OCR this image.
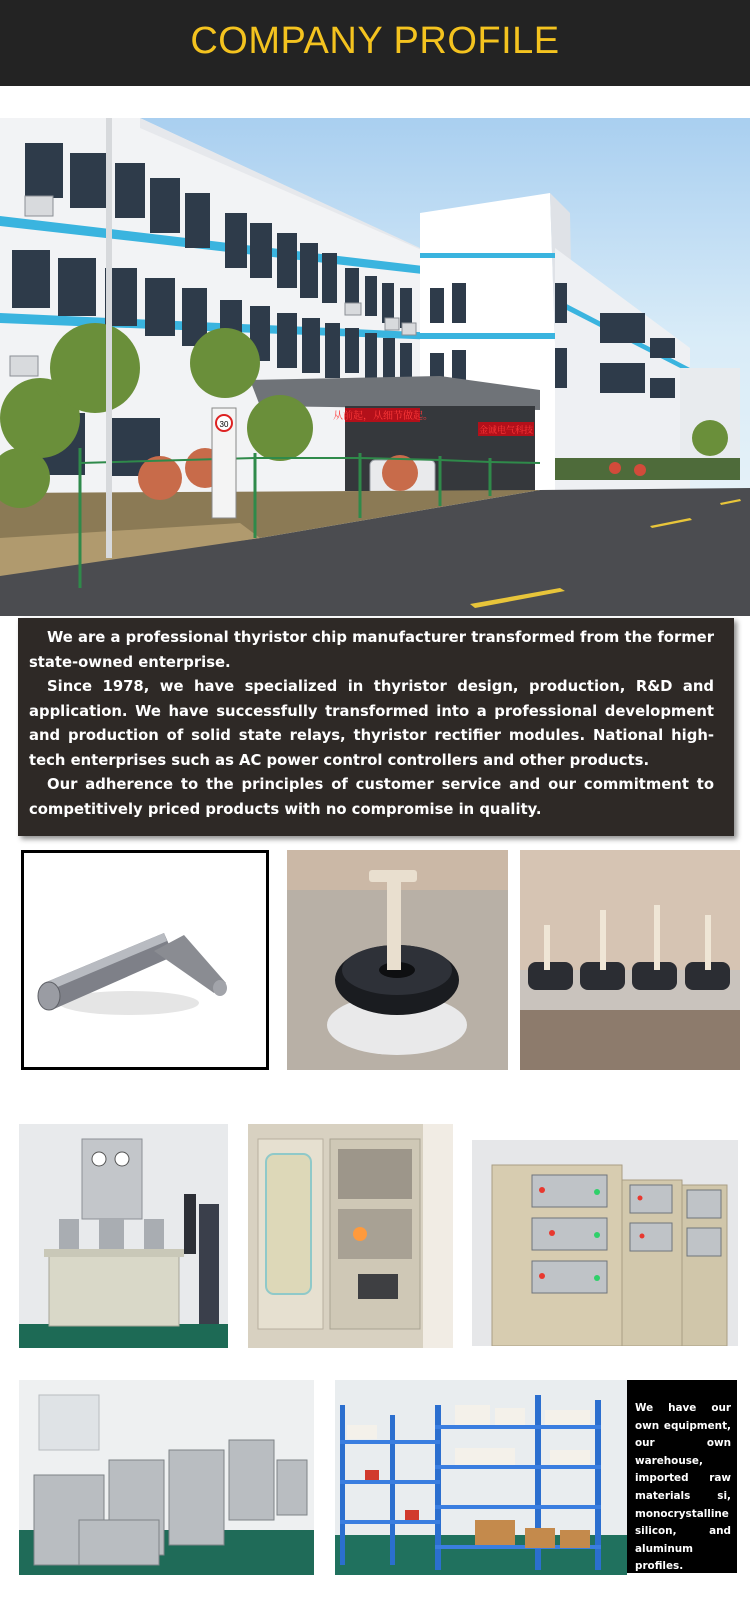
COMPANY PROFILE
从前起，从细节做起。
金诚电气科技
30

We are a professional thyristor chip manufacturer transformed from the former state-owned enterprise.

Since 1978, we have specialized in thyristor design, production, R&D and application. We have successfully transformed into a professional development and production of solid state relays, thyristor rectifier modules. National high-tech enterprises such as AC power control controllers and other products.

Our adherence to the principles of customer service and our commitment to competitively priced products with no compromise in quality.

We have our own equipment, our own warehouse, imported raw materials si, monocrystalline silicon, and aluminum profiles.
